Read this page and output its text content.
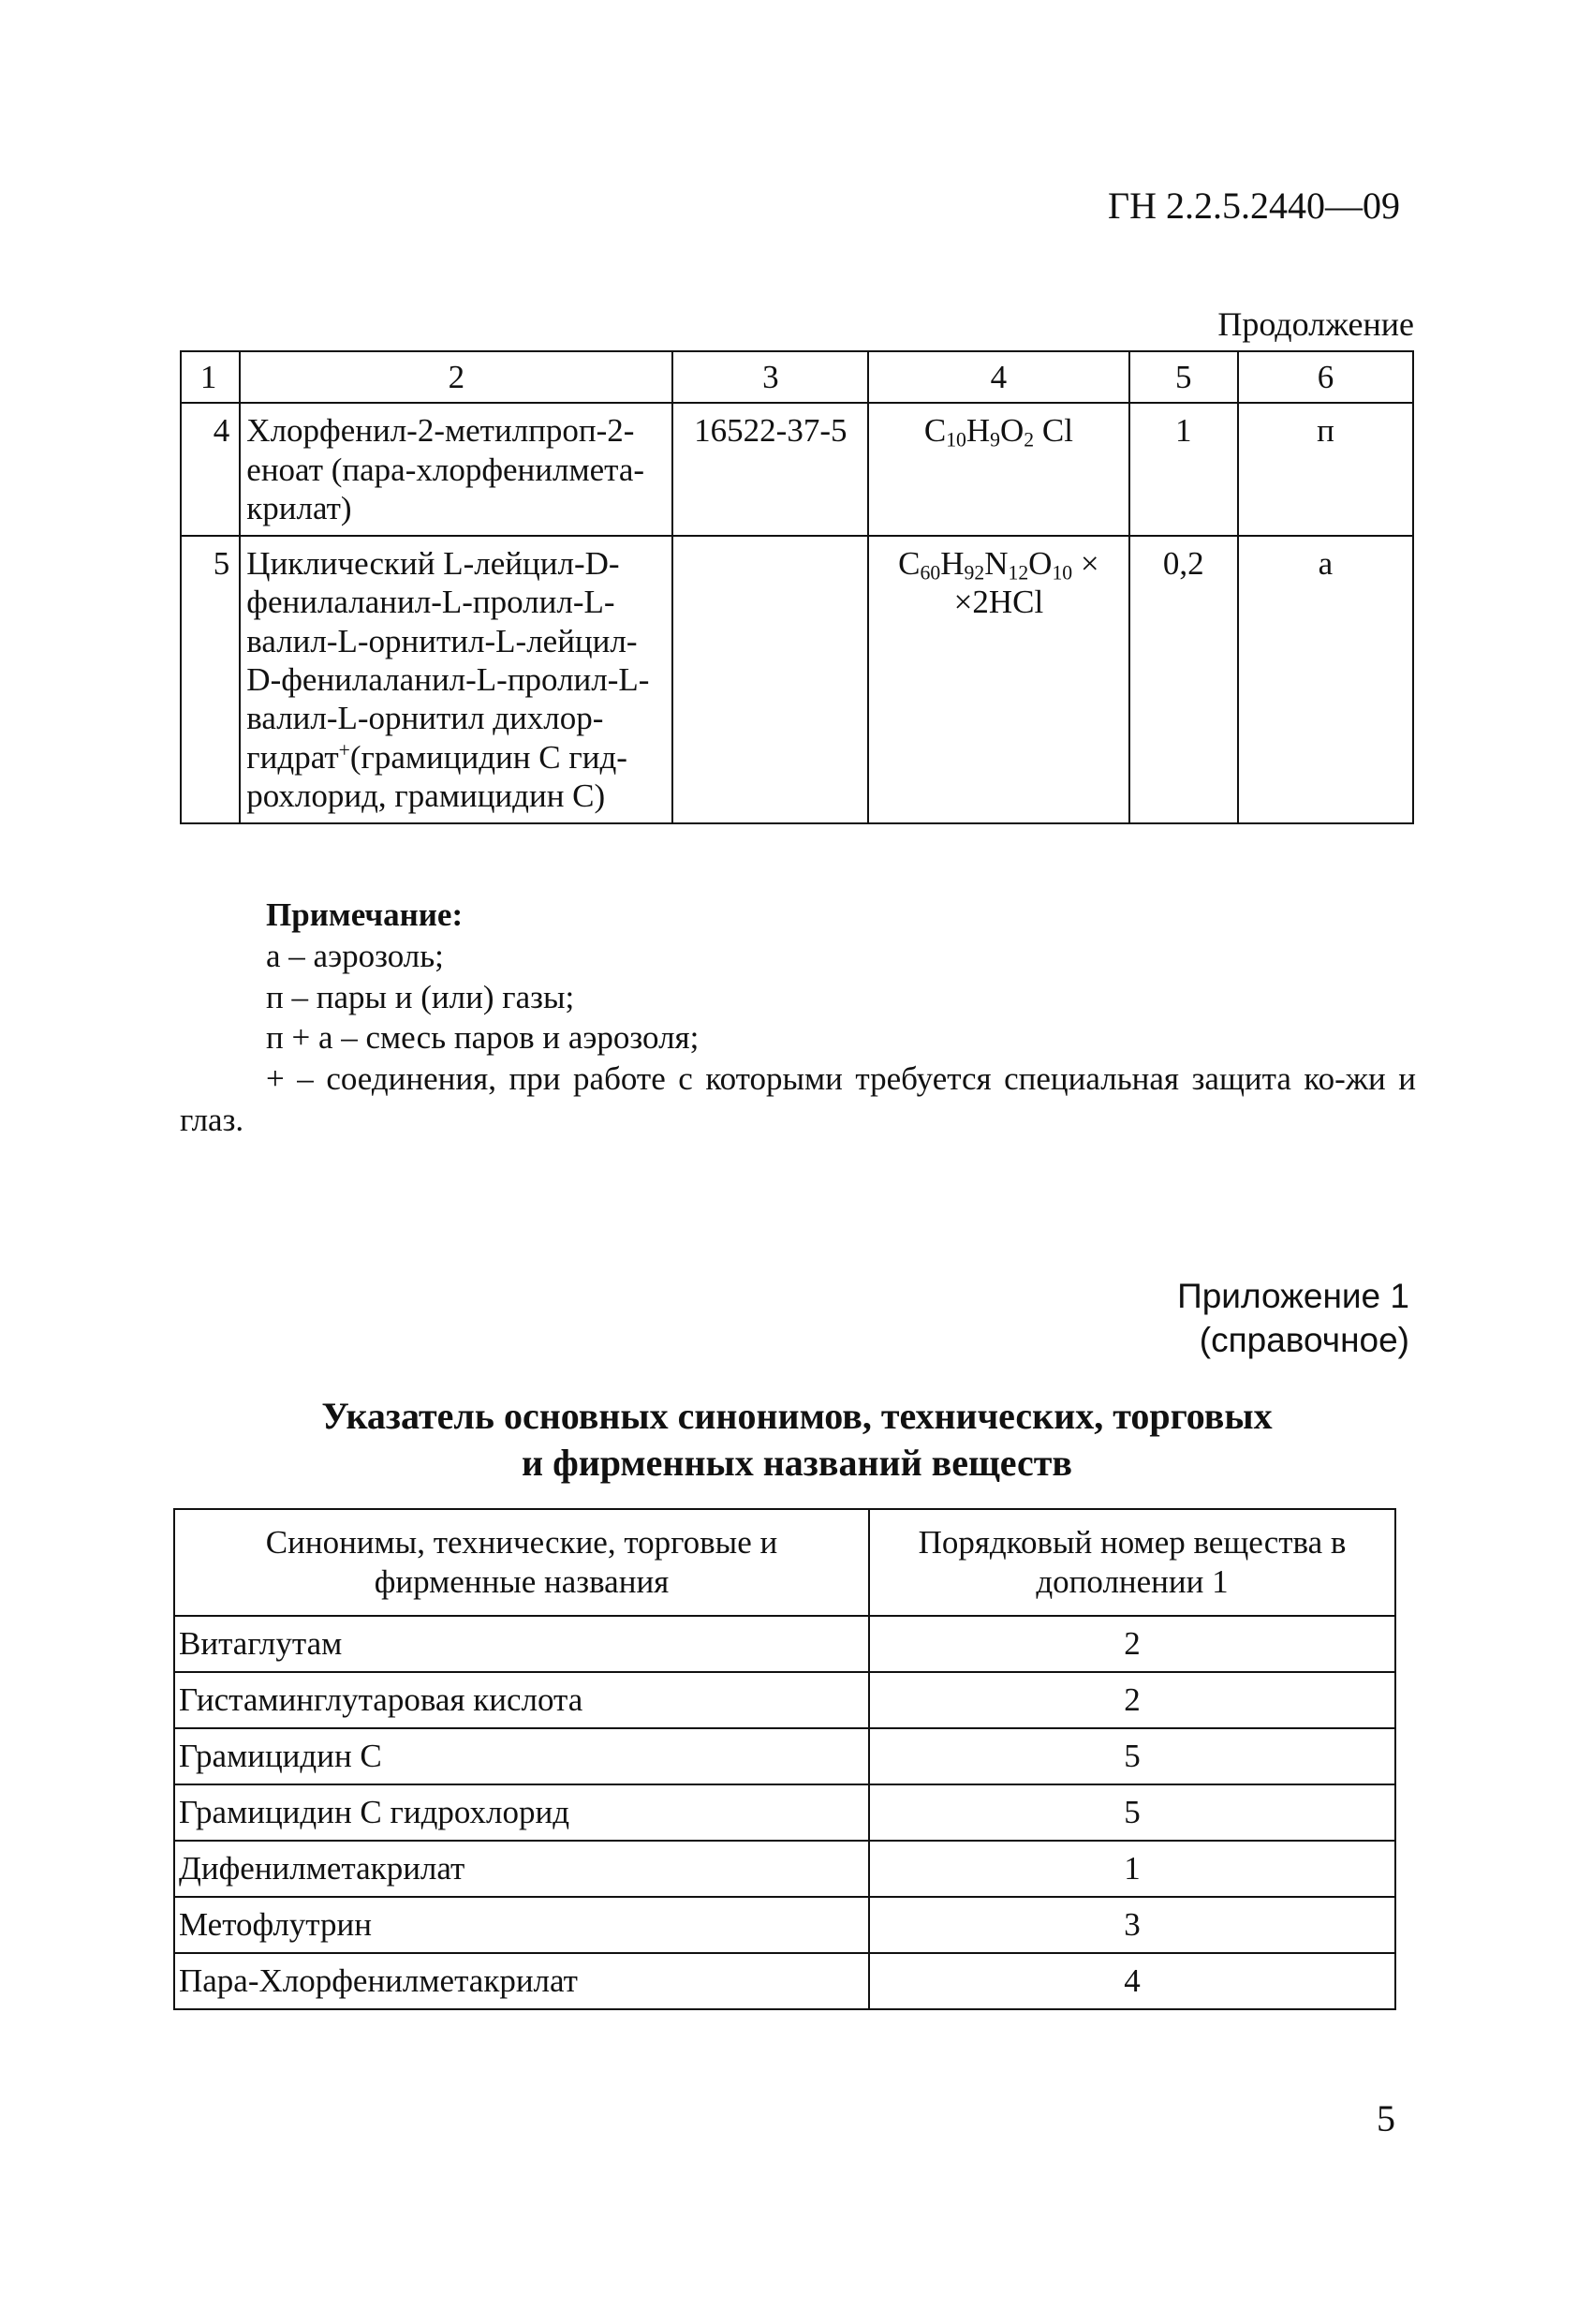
ГН 2.2.5.2440—09
Продолжение
1	2	3	4	5	6
4	Хлорфенил-2-метилпроп-2-еноат (пара-хлорфенилмета-крилат)	16522-37-5	$C_{10}H_9O_2$ Cl	1	п
5	Циклический L-лейцил-D-фенилаланил-L-пролил-L-валил-L-орнитил-L-лейцил-D-фенилаланил-L-пролил-L-валил-L-орнитил дихлор-гидрат+(грамицидин С гид-рохлорид, грамицидин С)		$C_{60}H_{92}N_{12}O_{10} \times \times 2HCl$	0,2	а
Примечание:
а – аэрозоль;
п – пары и (или) газы;
п + а – смесь паров и аэрозоля;
+ – соединения, при работе с которыми требуется специальная защита ко-жи и глаз.
Приложение 1
(справочное)
Указатель основных синонимов, технических, торговых
и фирменных названий веществ
Синонимы, технические, торговые и фирменные названия	Порядковый номер вещества в дополнении 1
Витаглутам	2
Гистаминглутаровая кислота	2
Грамицидин С	5
Грамицидин С гидрохлорид	5
Дифенилметакрилат	1
Метофлутрин	3
Пара-Хлорфенилметакрилат	4
5
